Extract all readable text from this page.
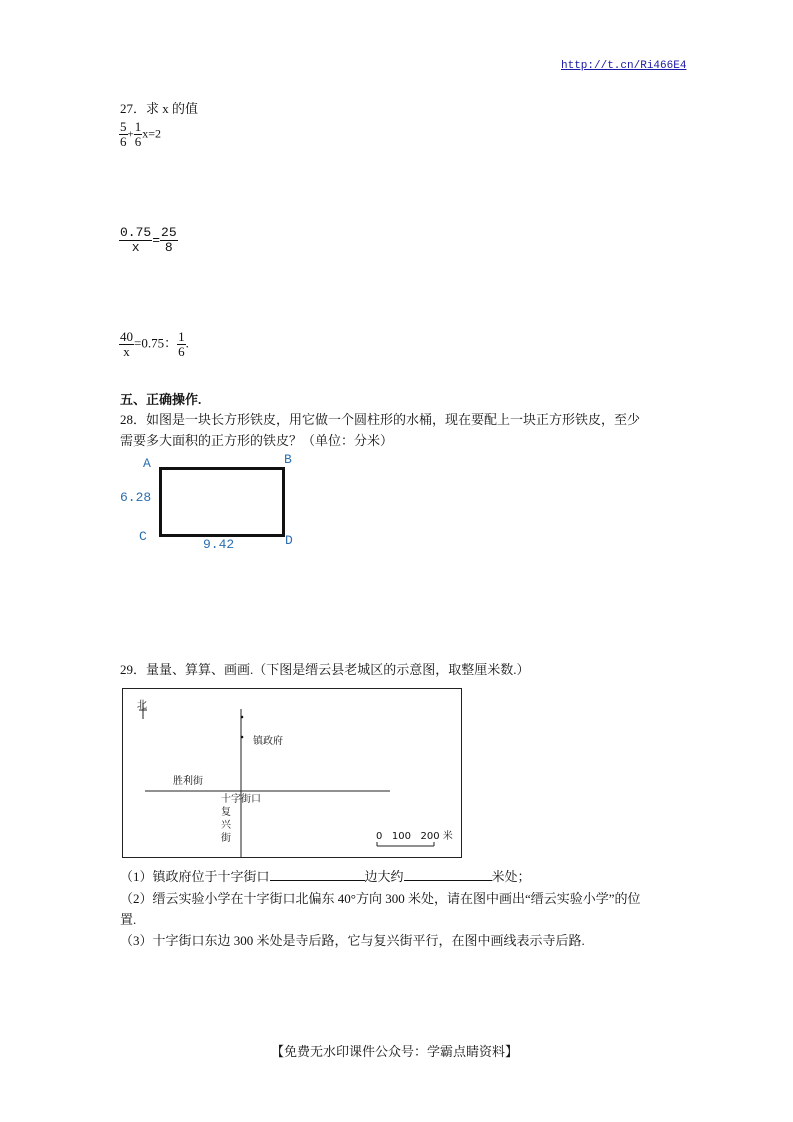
http://t.cn/Ri466E4
27．求 x 的值
$\frac{5}{6} + \frac{1}{6} x=2$
$\frac{0.75}{x} = \frac{25}{8}$
$\frac{40}{x} =0.75$： $\frac{1}{6}$ .
五、正确操作.
28．如图是一块长方形铁皮，用它做一个圆柱形的水桶，现在要配上一块正方形铁皮，至少
需要多大面积的正方形的铁皮？（单位：分米）
A	B
C	D
6.28
9.42
29．量量、算算、画画.（下图是缙云县老城区的示意图，取整厘米数.）
北
镇政府
胜利街
十字街口
复
兴
街	0   100   200 米
（1）镇政府位于十字街口	边大约	米处；
（2）缙云实验小学在十字街口北偏东 40°方向 300 米处，请在图中画出“缙云实验小学”的位
置.
（3）十字街口东边 300 米处是寺后路，它与复兴街平行，在图中画线表示寺后路.
【免费无水印课件公众号：学霸点睛资料】
